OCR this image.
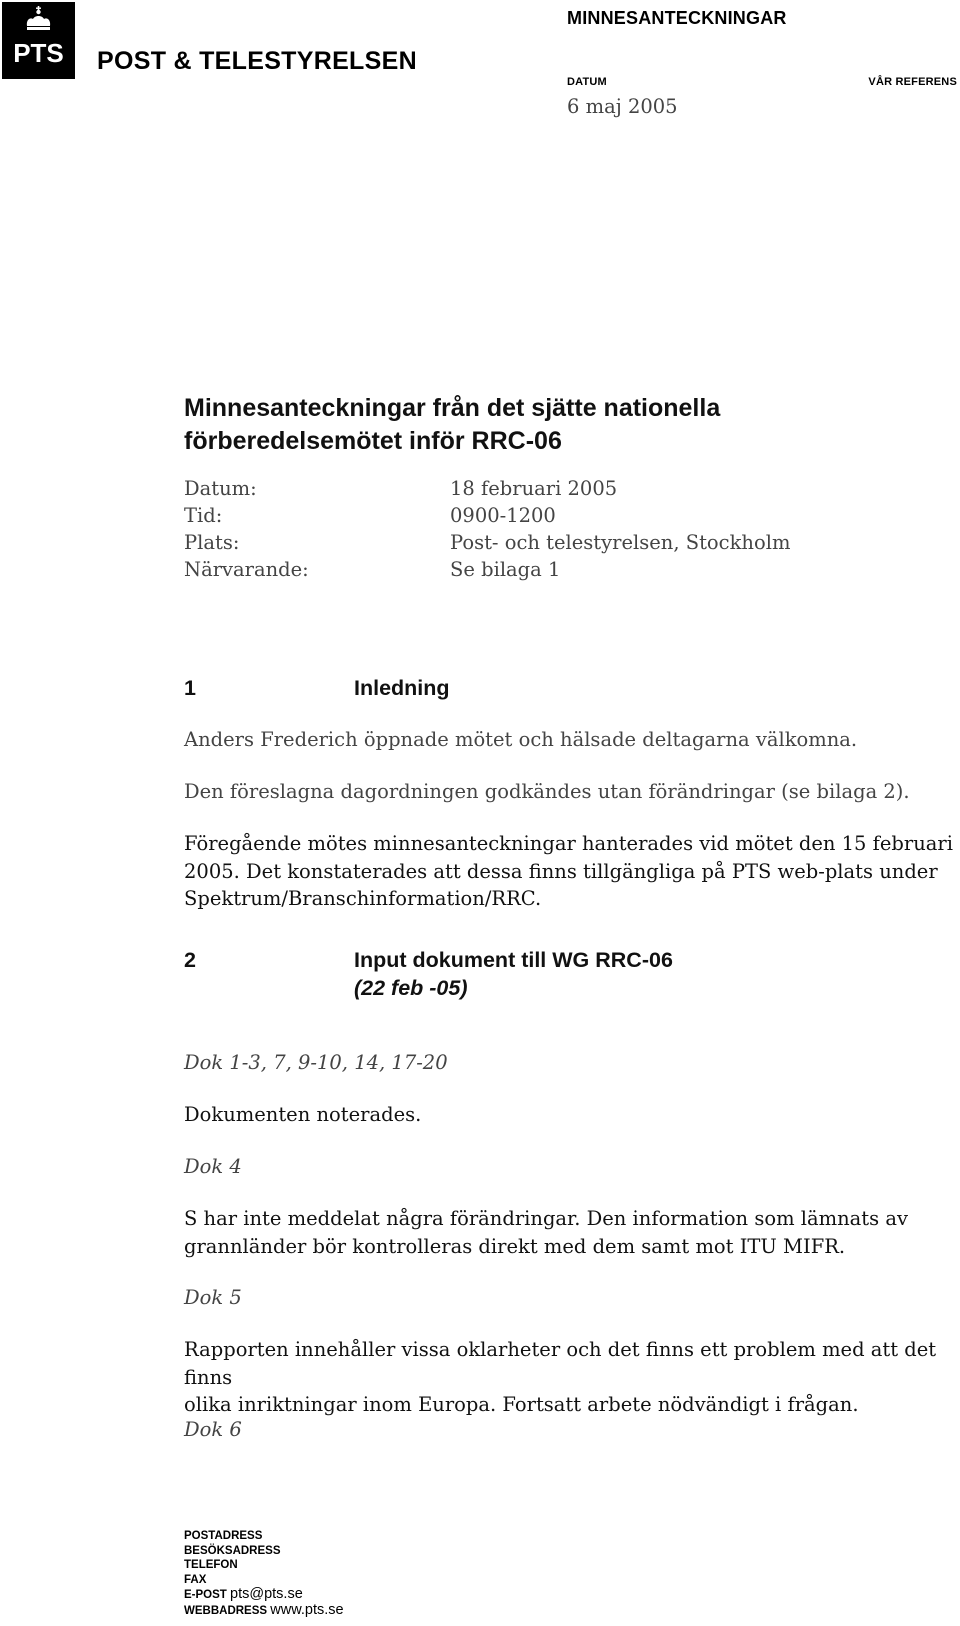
PTS POST & TELESTYRELSEN
MINNESANTECKNINGAR
DATUM	VÅR REFERENS
6 maj 2005
Minnesanteckningar från det sjätte nationella
förberedelsemötet inför RRC-06
Datum:	18 februari 2005
Tid:	0900-1200
Plats:	Post- och telestyrelsen, Stockholm
Närvarande:	Se bilaga 1
1	Inledning
Anders Frederich öppnade mötet och hälsade deltagarna välkomna.
Den föreslagna dagordningen godkändes utan förändringar (se bilaga 2).
Föregående mötes minnesanteckningar hanterades vid mötet den 15 februari
2005. Det konstaterades att dessa finns tillgängliga på PTS web-plats under
Spektrum/Branschinformation/RRC.
2	Input dokument till WG RRC-06
(22 feb -05)
Dok 1-3, 7, 9-10, 14, 17-20
Dokumenten noterades.
Dok 4
S har inte meddelat några förändringar. Den information som lämnats av
grannländer bör kontrolleras direkt med dem samt mot ITU MIFR.
Dok 5
Rapporten innehåller vissa oklarheter och det finns ett problem med att det finns
olika inriktningar inom Europa. Fortsatt arbete nödvändigt i frågan.
Dok 6
POSTADRESS
BESÖKSADRESS
TELEFON
FAX
E-POST pts@pts.se
WEBBADRESS www.pts.se
